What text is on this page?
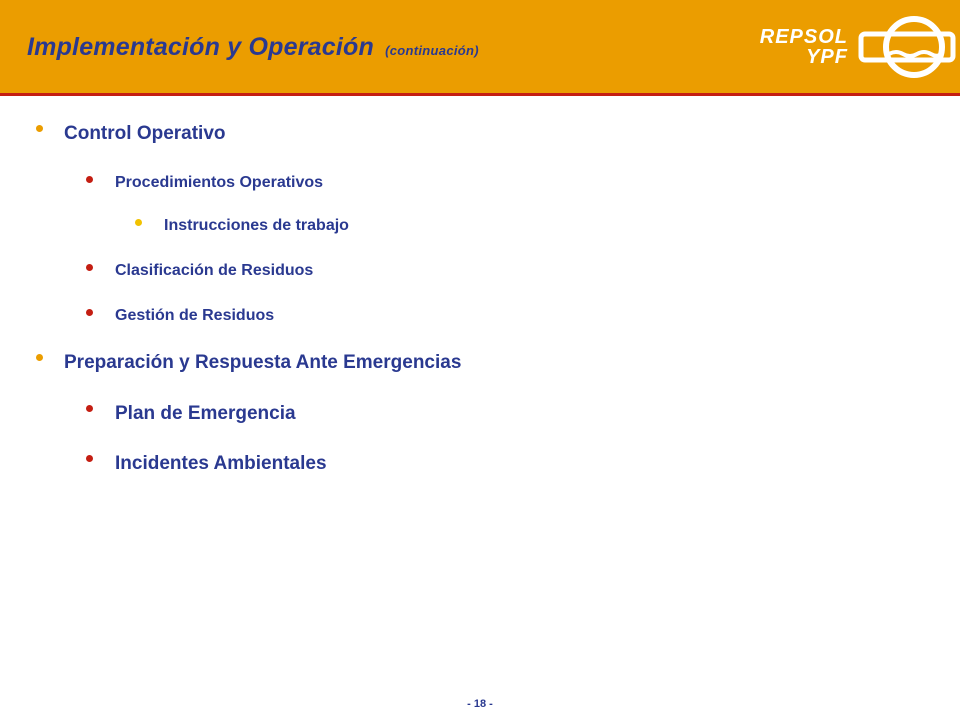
Implementación y Operación (continuación)
REPSOL
YPF
Control Operativo
Procedimientos Operativos
Instrucciones de trabajo
Clasificación de Residuos
Gestión de Residuos
Preparación y Respuesta Ante Emergencias
Plan de Emergencia
Incidentes Ambientales
- 18 -
